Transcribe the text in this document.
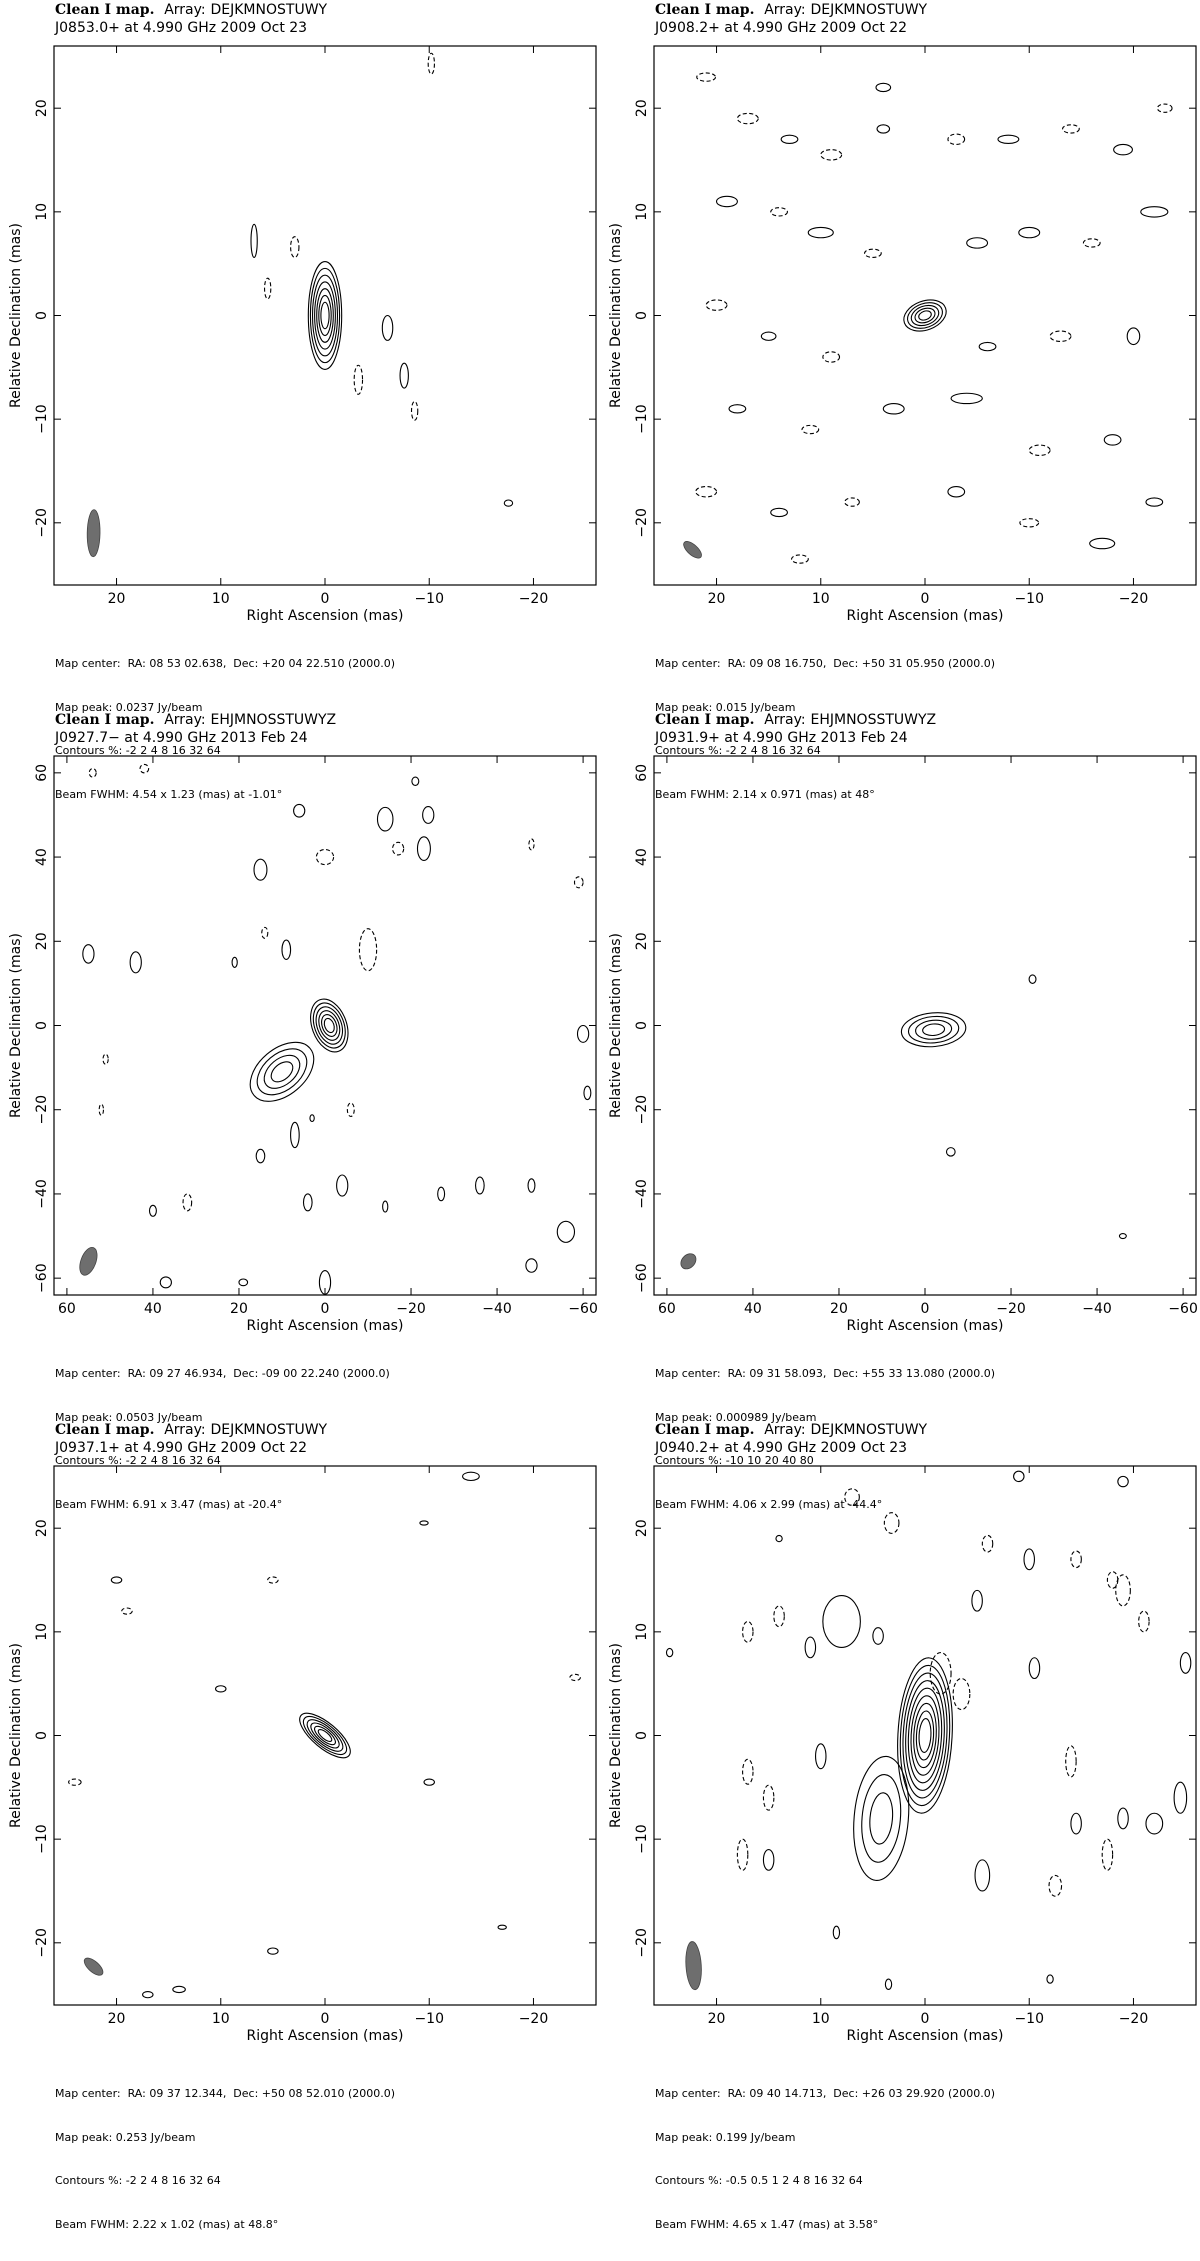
Clean I map. Array: DEJKMNOSTUWY
J0853.0+ at 4.990 GHz 2009 Oct 23
20	10	0	−10	−20
20
10
0
−10
−20
Right Ascension (mas)
Relative Declination (mas)

Map center:  RA: 08 53 02.638,  Dec: +20 04 22.510 (2000.0)

Map peak: 0.0237 Jy/beam

Contours %: -2 2 4 8 16 32 64

Beam FWHM: 4.54 x 1.23 (mas) at -1.01°

Clean I map. Array: DEJKMNOSTUWY
J0908.2+ at 4.990 GHz 2009 Oct 22
20	10	0	−10	−20
20
10
0
−10
−20
Right Ascension (mas)
Relative Declination (mas)

Map center:  RA: 09 08 16.750,  Dec: +50 31 05.950 (2000.0)

Map peak: 0.015 Jy/beam

Contours %: -2 2 4 8 16 32 64

Beam FWHM: 2.14 x 0.971 (mas) at 48°

Clean I map. Array: EHJMNOSSTUWYZ
J0927.7− at 4.990 GHz 2013 Feb 24
60	40	20	0	−20	−40	−60
60
40
20
0
−20
−40
−60
Right Ascension (mas)
Relative Declination (mas)

Map center:  RA: 09 27 46.934,  Dec: -09 00 22.240 (2000.0)

Map peak: 0.0503 Jy/beam

Contours %: -2 2 4 8 16 32 64

Beam FWHM: 6.91 x 3.47 (mas) at -20.4°

Clean I map. Array: EHJMNOSSTUWYZ
J0931.9+ at 4.990 GHz 2013 Feb 24
60	40	20	0	−20	−40	−60
60
40
20
0
−20
−40
−60
Right Ascension (mas)
Relative Declination (mas)

Map center:  RA: 09 31 58.093,  Dec: +55 33 13.080 (2000.0)

Map peak: 0.000989 Jy/beam

Contours %: -10 10 20 40 80

Beam FWHM: 4.06 x 2.99 (mas) at -44.4°

Clean I map. Array: DEJKMNOSTUWY
J0937.1+ at 4.990 GHz 2009 Oct 22
20	10	0	−10	−20
20
10
0
−10
−20
Right Ascension (mas)
Relative Declination (mas)

Map center:  RA: 09 37 12.344,  Dec: +50 08 52.010 (2000.0)

Map peak: 0.253 Jy/beam

Contours %: -2 2 4 8 16 32 64

Beam FWHM: 2.22 x 1.02 (mas) at 48.8°

Clean I map. Array: DEJKMNOSTUWY
J0940.2+ at 4.990 GHz 2009 Oct 23
20	10	0	−10	−20
20
10
0
−10
−20
Right Ascension (mas)
Relative Declination (mas)

Map center:  RA: 09 40 14.713,  Dec: +26 03 29.920 (2000.0)

Map peak: 0.199 Jy/beam

Contours %: -0.5 0.5 1 2 4 8 16 32 64

Beam FWHM: 4.65 x 1.47 (mas) at 3.58°
